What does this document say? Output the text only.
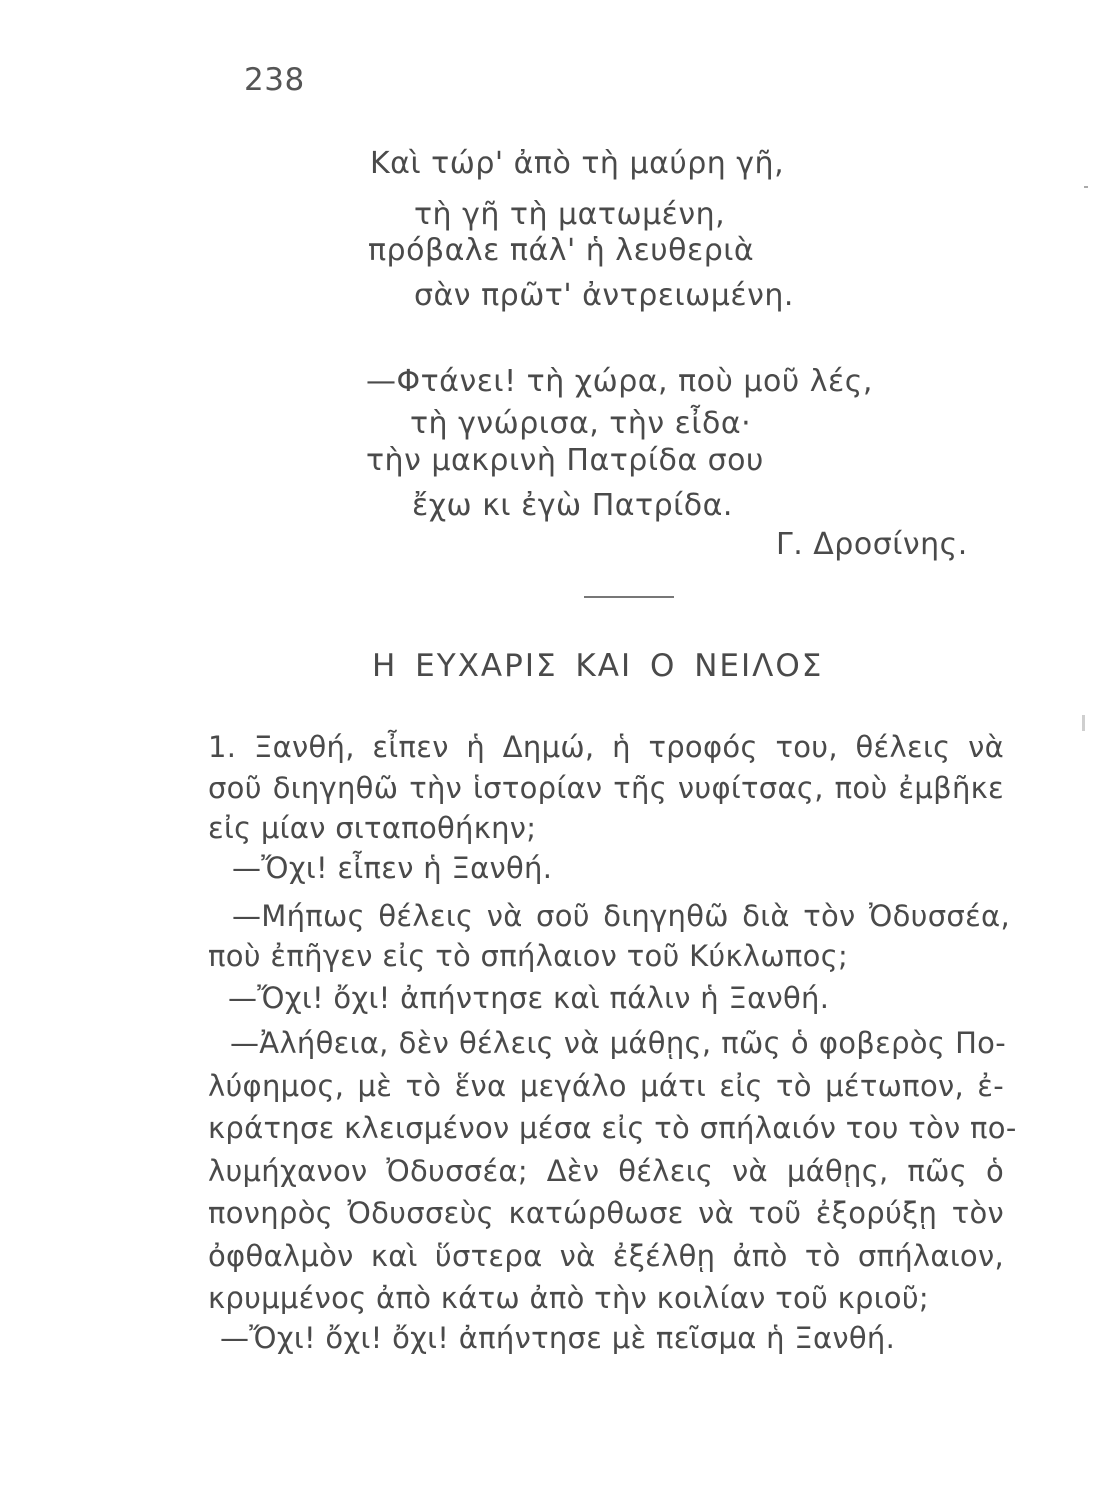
238
Καὶ τώρ' ἀπὸ τὴ μαύρη γῆ,
τὴ γῆ τὴ ματωμένη,
πρόβαλε πάλ' ἡ λευθεριὰ
σὰν πρῶτ' ἀντρειωμένη.
—Φτάνει! τὴ χώρα, ποὺ μοῦ λές,
τὴ γνώρισα, τὴν εἶδα·
τὴν μακρινὴ Πατρίδα σου
ἔχω κι ἐγὼ Πατρίδα.
Γ. Δροσίνης.
Η ΕΥΧΑΡΙΣ ΚΑΙ Ο ΝΕΙΛΟΣ
1. Ξανθή, εἶπεν ἡ Δημώ, ἡ τροφός του, θέλεις νὰ
σοῦ διηγηθῶ τὴν ἱστορίαν τῆς νυφίτσας, ποὺ ἐμβῆκε
εἰς μίαν σιταποθήκην;
—Ὄχι! εἶπεν ἡ Ξανθή.
—Μήπως θέλεις νὰ σοῦ διηγηθῶ διὰ τὸν Ὀδυσσέα,
ποὺ ἐπῆγεν εἰς τὸ σπήλαιον τοῦ Κύκλωπος;
—Ὄχι! ὄχι! ἀπήντησε καὶ πάλιν ἡ Ξανθή.
—Ἀλήθεια, δὲν θέλεις νὰ μάθῃς, πῶς ὁ φοβερὸς Πο-
λύφημος, μὲ τὸ ἕνα μεγάλο μάτι εἰς τὸ μέτωπον, ἐ-
κράτησε κλεισμένον μέσα εἰς τὸ σπήλαιόν του τὸν πο-
λυμήχανον Ὀδυσσέα; Δὲν θέλεις νὰ μάθῃς, πῶς ὁ
πονηρὸς Ὀδυσσεὺς κατώρθωσε νὰ τοῦ ἐξορύξῃ τὸν
ὀφθαλμὸν καὶ ὕστερα νὰ ἐξέλθῃ ἀπὸ τὸ σπήλαιον,
κρυμμένος ἀπὸ κάτω ἀπὸ τὴν κοιλίαν τοῦ κριοῦ;
—Ὄχι! ὄχι! ὄχι! ἀπήντησε μὲ πεῖσμα ἡ Ξανθή.
